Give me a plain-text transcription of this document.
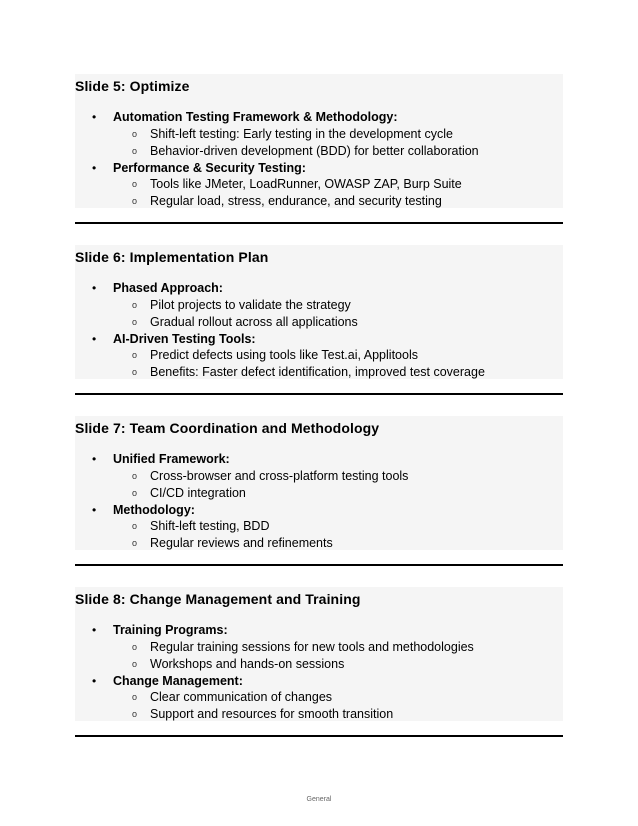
Slide 5: Optimize
•	Automation Testing Framework & Methodology:
o	Shift-left testing: Early testing in the development cycle
o	Behavior-driven development (BDD) for better collaboration
•	Performance & Security Testing:
o	Tools like JMeter, LoadRunner, OWASP ZAP, Burp Suite
o	Regular load, stress, endurance, and security testing
Slide 6: Implementation Plan
•	Phased Approach:
o	Pilot projects to validate the strategy
o	Gradual rollout across all applications
•	AI-Driven Testing Tools:
o	Predict defects using tools like Test.ai, Applitools
o	Benefits: Faster defect identification, improved test coverage
Slide 7: Team Coordination and Methodology
•	Unified Framework:
o	Cross-browser and cross-platform testing tools
o	CI/CD integration
•	Methodology:
o	Shift-left testing, BDD
o	Regular reviews and refinements
Slide 8: Change Management and Training
•	Training Programs:
o	Regular training sessions for new tools and methodologies
o	Workshops and hands-on sessions
•	Change Management:
o	Clear communication of changes
o	Support and resources for smooth transition
General
